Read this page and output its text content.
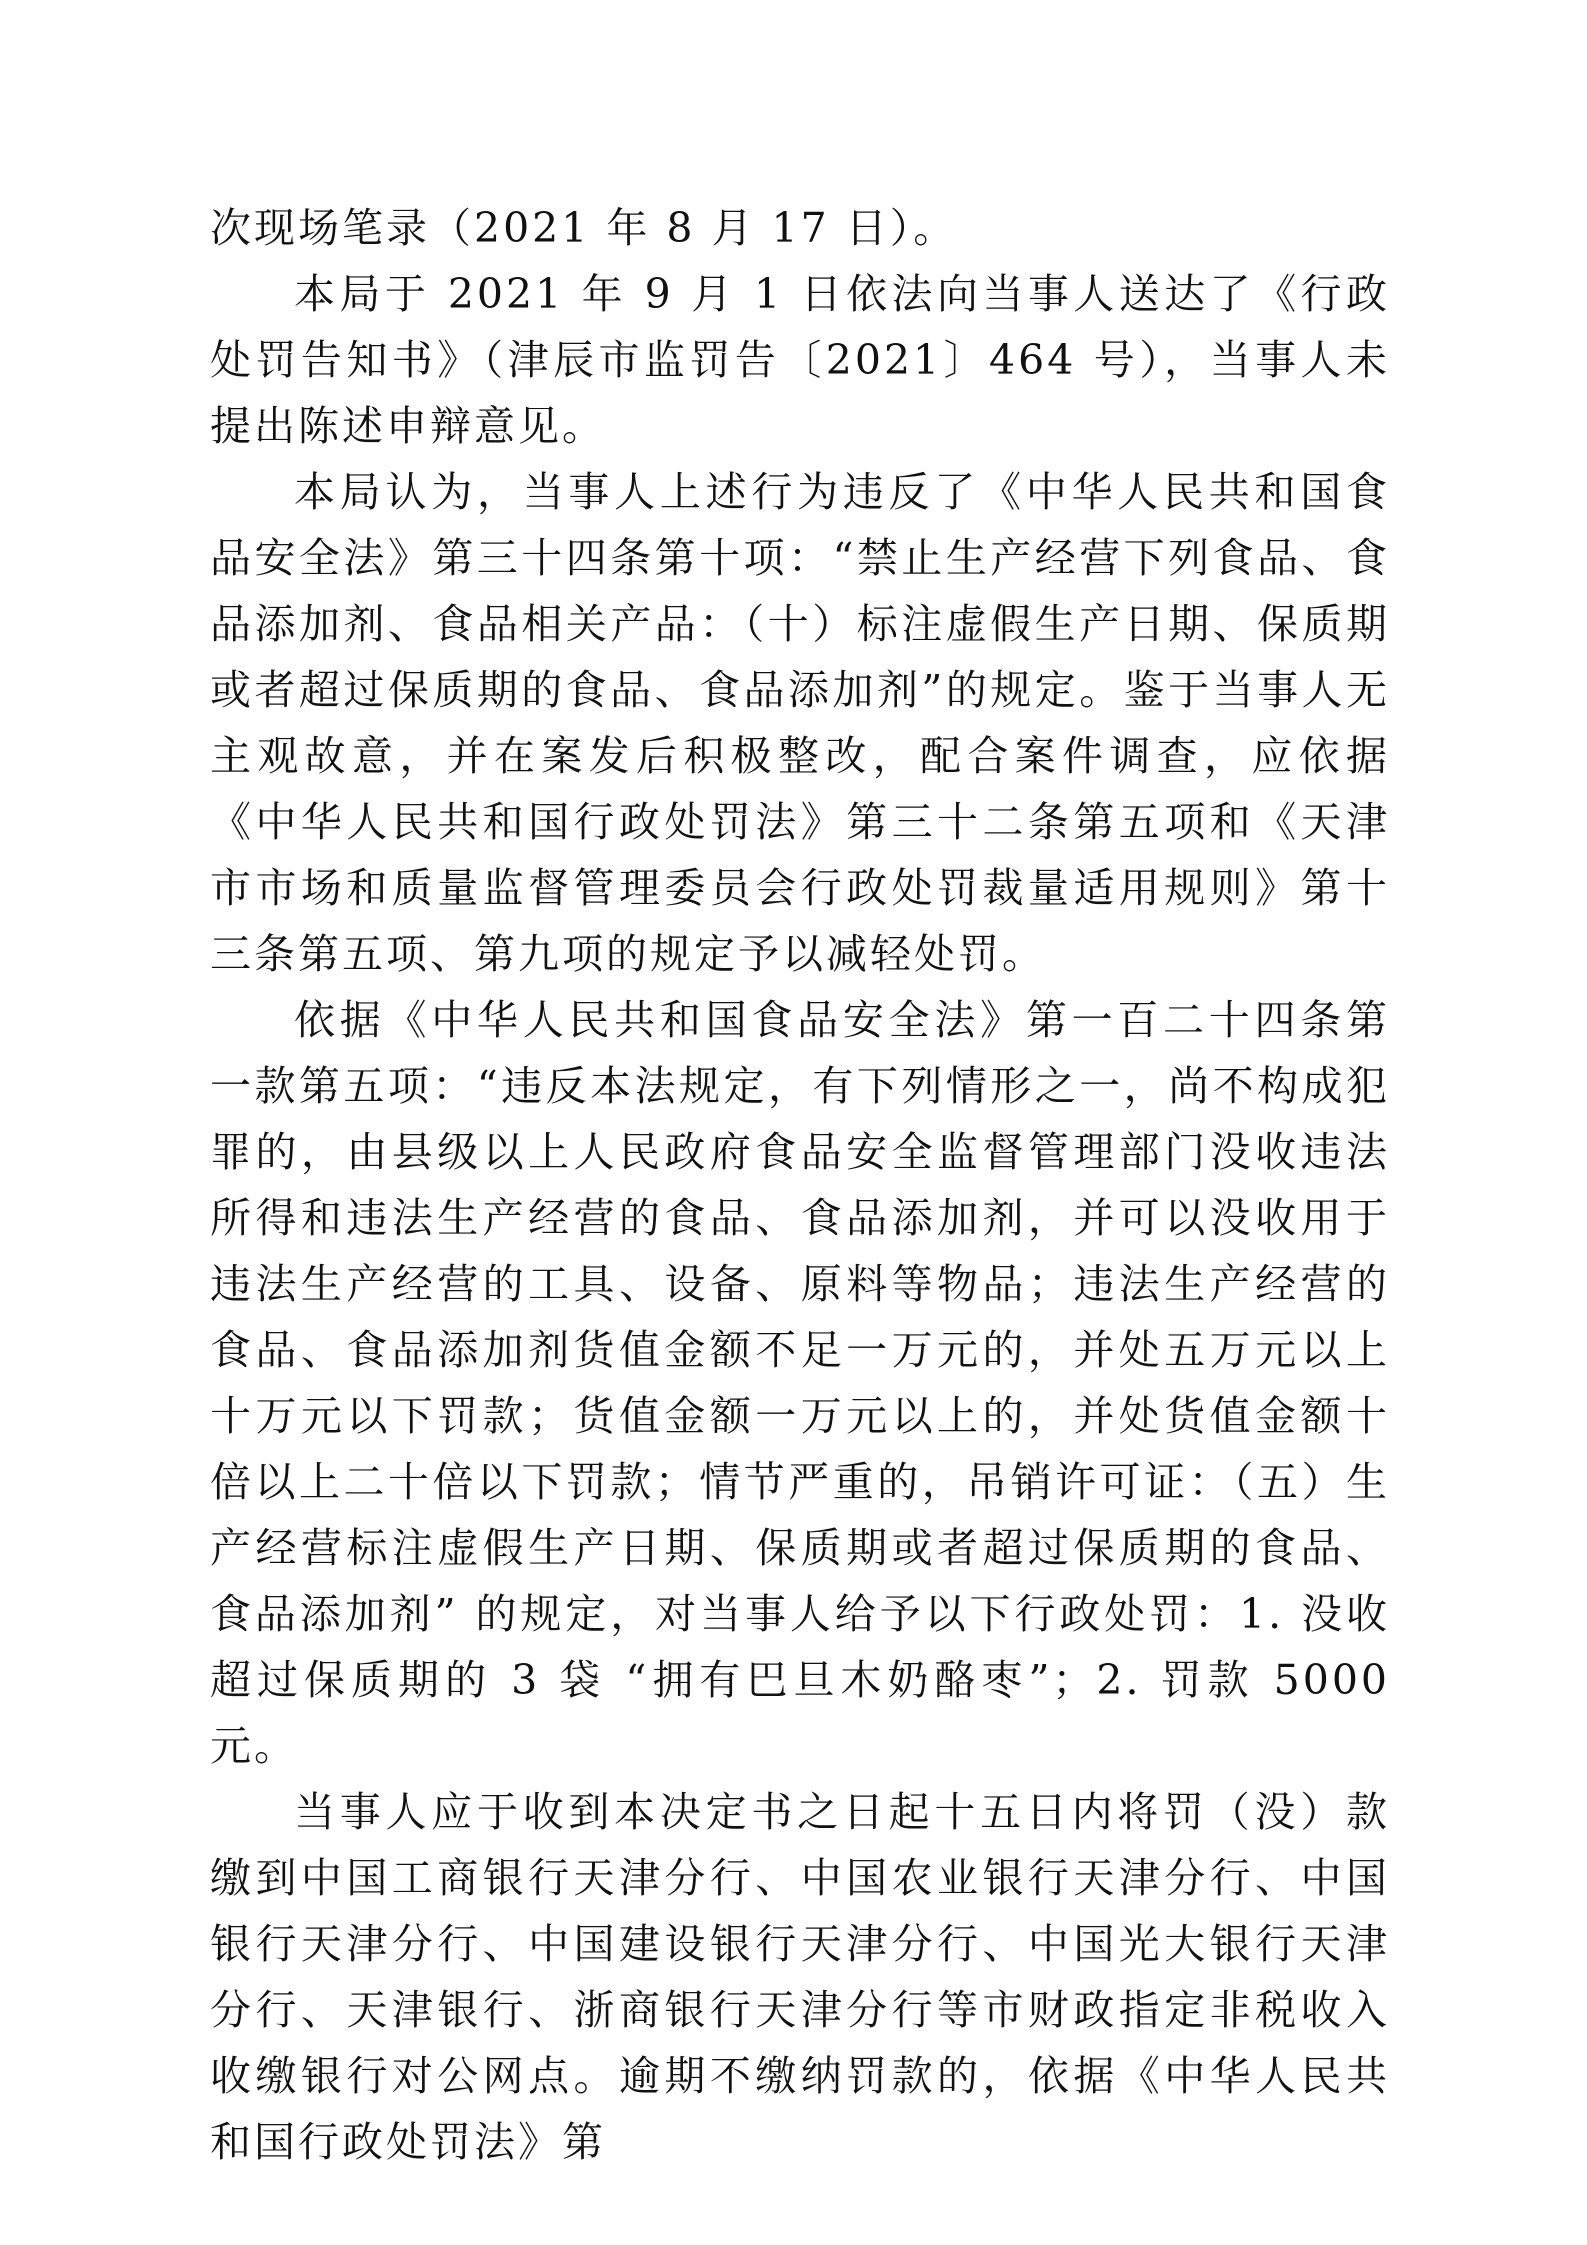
次现场笔录（2021 年 8 月 17 日）。

本局于 2021 年 9 月 1 日依法向当事人送达了《行政处罚告知书》（津辰市监罚告〔2021〕464 号），当事人未提出陈述申辩意见。

本局认为，当事人上述行为违反了《中华人民共和国食品安全法》第三十四条第十项：“禁止生产经营下列食品、食品添加剂、食品相关产品：（十）标注虚假生产日期、保质期或者超过保质期的食品、食品添加剂”的规定。鉴于当事人无主观故意，并在案发后积极整改，配合案件调查，应依据《中华人民共和国行政处罚法》第三十二条第五项和《天津市市场和质量监督管理委员会行政处罚裁量适用规则》第十三条第五项、第九项的规定予以减轻处罚。

依据《中华人民共和国食品安全法》第一百二十四条第一款第五项：“违反本法规定，有下列情形之一，尚不构成犯罪的，由县级以上人民政府食品安全监督管理部门没收违法所得和违法生产经营的食品、食品添加剂，并可以没收用于违法生产经营的工具、设备、原料等物品；违法生产经营的食品、食品添加剂货值金额不足一万元的，并处五万元以上十万元以下罚款；货值金额一万元以上的，并处货值金额十倍以上二十倍以下罚款；情节严重的，吊销许可证：（五）生产经营标注虚假生产日期、保质期或者超过保质期的食品、食品添加剂” 的规定，对当事人给予以下行政处罚：1. 没收超过保质期的 3 袋 “拥有巴旦木奶酪枣”；2. 罚款 5000 元。

当事人应于收到本决定书之日起十五日内将罚（没）款缴到中国工商银行天津分行、中国农业银行天津分行、中国银行天津分行、中国建设银行天津分行、中国光大银行天津分行、天津银行、浙商银行天津分行等市财政指定非税收入收缴银行对公网点。逾期不缴纳罚款的，依据《中华人民共和国行政处罚法》第
